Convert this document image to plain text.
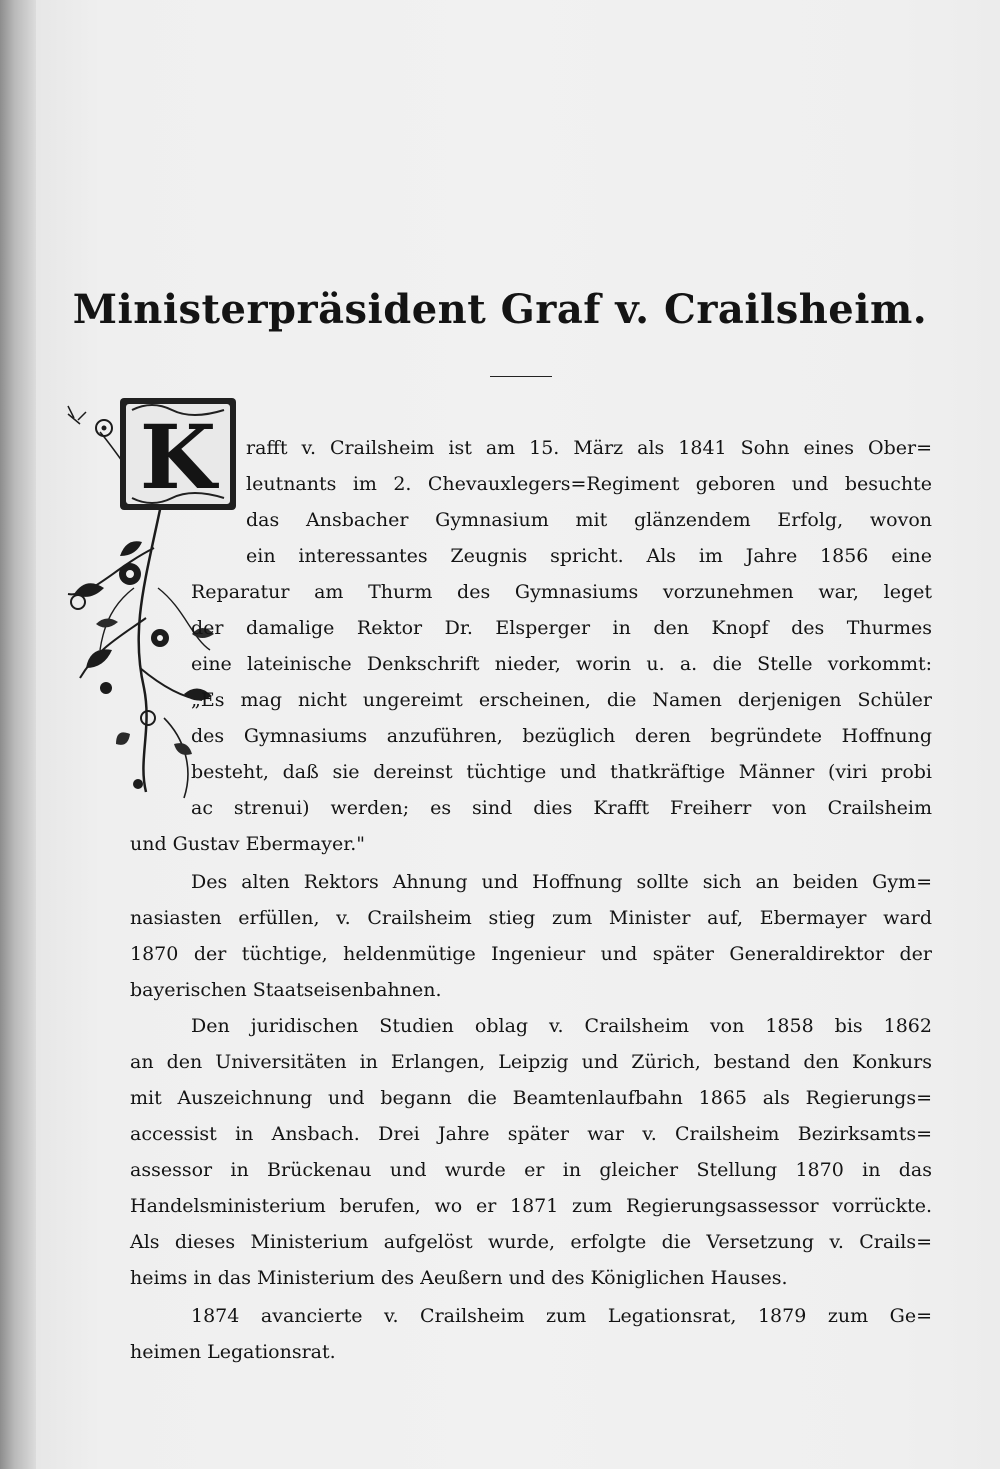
Ministerpräsident Graf v. Crailsheim.
K rafft v. Crailsheim ist am 15. März als 1841 Sohn eines Ober=

leutnants im 2. Chevauxlegers=Regiment geboren und besuchte

das Ansbacher Gymnasium mit glänzendem Erfolg, wovon

ein interessantes Zeugnis spricht. Als im Jahre 1856 eine

Reparatur am Thurm des Gymnasiums vorzunehmen war, leget

der damalige Rektor Dr. Elsperger in den Knopf des Thurmes

eine lateinische Denkschrift nieder, worin u. a. die Stelle vorkommt:

„Es mag nicht ungereimt erscheinen, die Namen derjenigen Schüler

des Gymnasiums anzuführen, bezüglich deren begründete Hoffnung

besteht, daß sie dereinst tüchtige und thatkräftige Männer (viri probi

ac strenui) werden; es sind dies Krafft Freiherr von Crailsheim

und Gustav Ebermayer."

Des alten Rektors Ahnung und Hoffnung sollte sich an beiden Gym=

nasiasten erfüllen, v. Crailsheim stieg zum Minister auf, Ebermayer ward

1870 der tüchtige, heldenmütige Ingenieur und später Generaldirektor der

bayerischen Staatseisenbahnen.

Den juridischen Studien oblag v. Crailsheim von 1858 bis 1862

an den Universitäten in Erlangen, Leipzig und Zürich, bestand den Konkurs

mit Auszeichnung und begann die Beamtenlaufbahn 1865 als Regierungs=

accessist in Ansbach. Drei Jahre später war v. Crailsheim Bezirksamts=

assessor in Brückenau und wurde er in gleicher Stellung 1870 in das

Handelsministerium berufen, wo er 1871 zum Regierungsassessor vorrückte.

Als dieses Ministerium aufgelöst wurde, erfolgte die Versetzung v. Crails=

heims in das Ministerium des Aeußern und des Königlichen Hauses.

1874 avancierte v. Crailsheim zum Legationsrat, 1879 zum Ge=

heimen Legationsrat.
